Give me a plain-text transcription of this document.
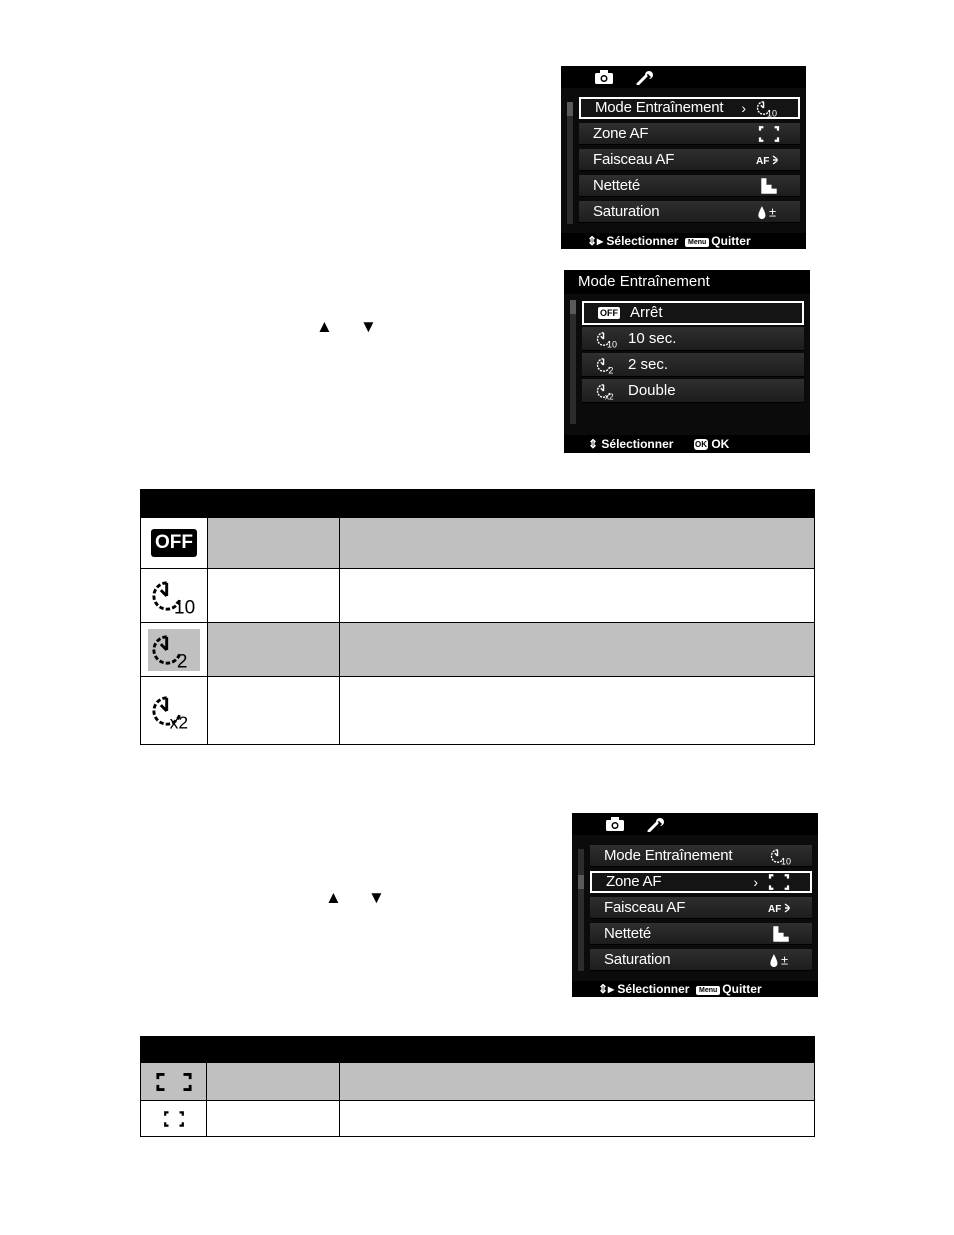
Mode Entraînement ›
Zone AF
Faisceau AF
Netteté
Saturation
⇕▸ Sélectionner	Menu Quitter
Mode Entraînement
OFF Arrêt
10 sec.
2 sec.
Double
⇕ Sélectionner	OK OK
▲ ▼

OFF		

Mode Entraînement
Zone AF	›
Faisceau AF
Netteté
Saturation
⇕▸ Sélectionner	Menu Quitter
▲ ▼
